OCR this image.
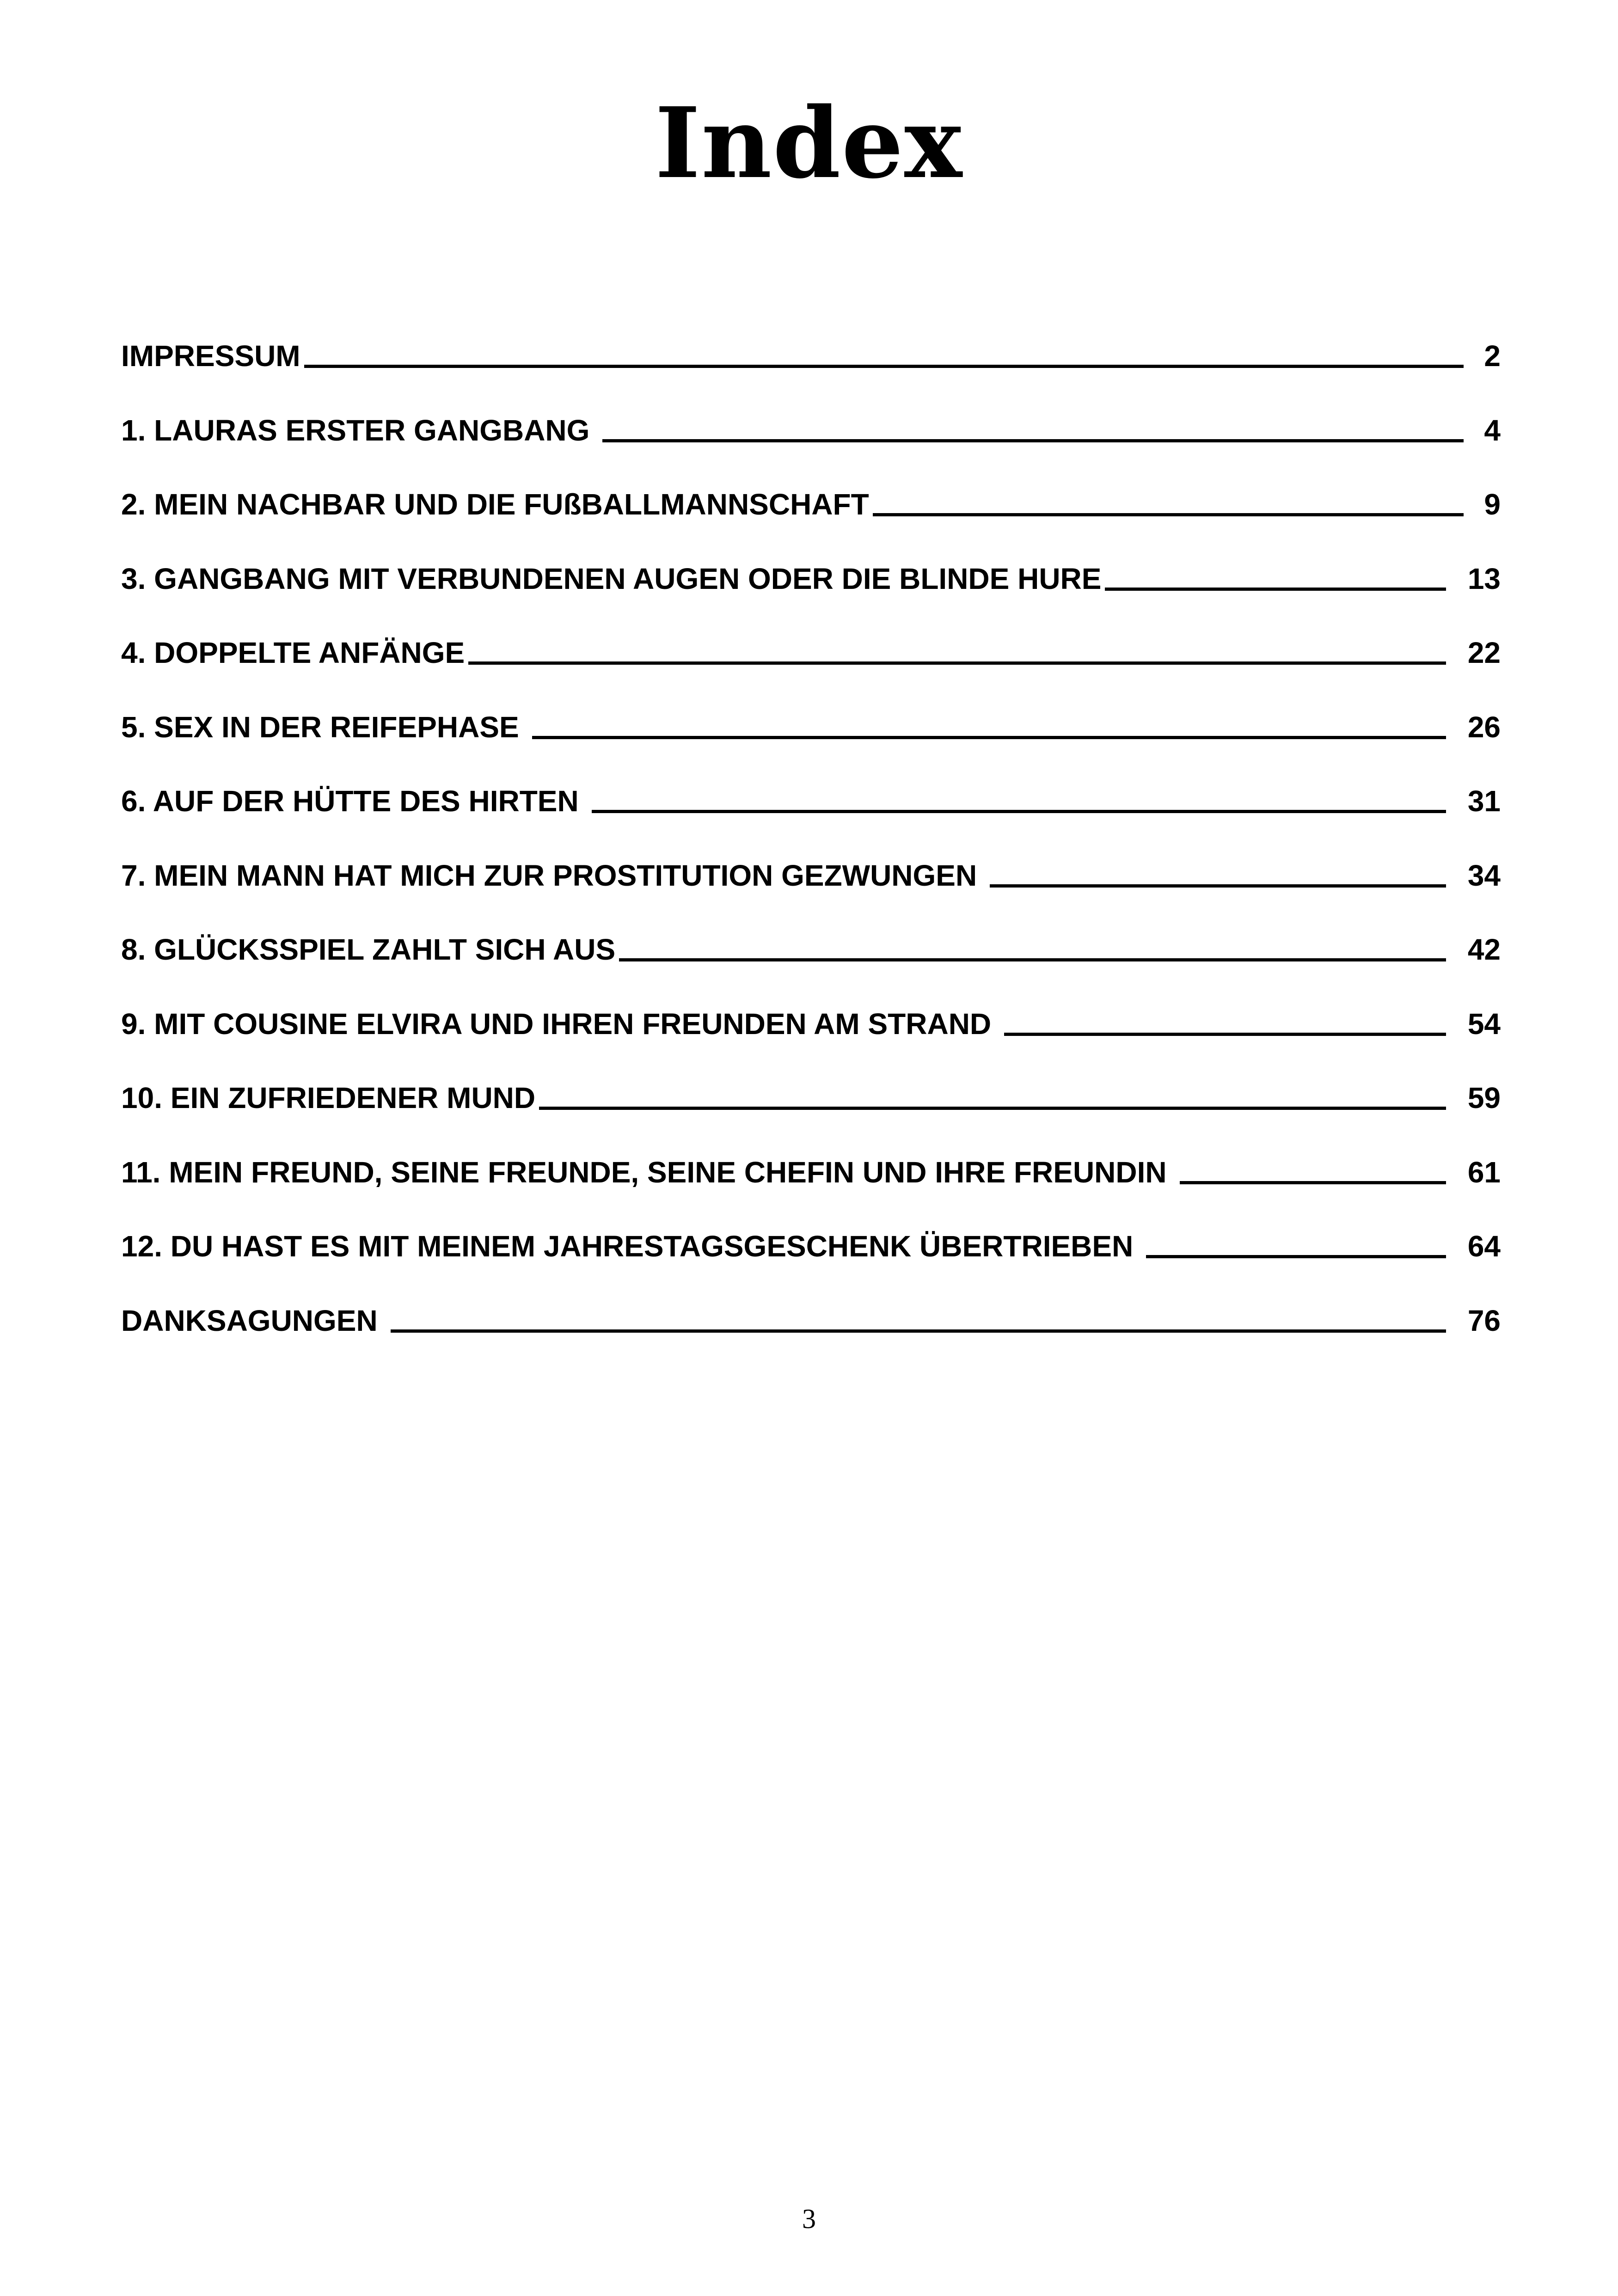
Index
IMPRESSUM	2
1. LAURAS ERSTER GANGBANG	4
2. MEIN NACHBAR UND DIE FUßBALLMANNSCHAFT	9
3. GANGBANG MIT VERBUNDENEN AUGEN ODER DIE BLINDE HURE	13
4. DOPPELTE ANFÄNGE	22
5. SEX IN DER REIFEPHASE	26
6. AUF DER HÜTTE DES HIRTEN	31
7. MEIN MANN HAT MICH ZUR PROSTITUTION GEZWUNGEN	34
8. GLÜCKSSPIEL ZAHLT SICH AUS	42
9. MIT COUSINE ELVIRA UND IHREN FREUNDEN AM STRAND	54
10. EIN ZUFRIEDENER MUND	59
11. MEIN FREUND, SEINE FREUNDE, SEINE CHEFIN UND IHRE FREUNDIN	61
12. DU HAST ES MIT MEINEM JAHRESTAGSGESCHENK ÜBERTRIEBEN	64
DANKSAGUNGEN	76
3
